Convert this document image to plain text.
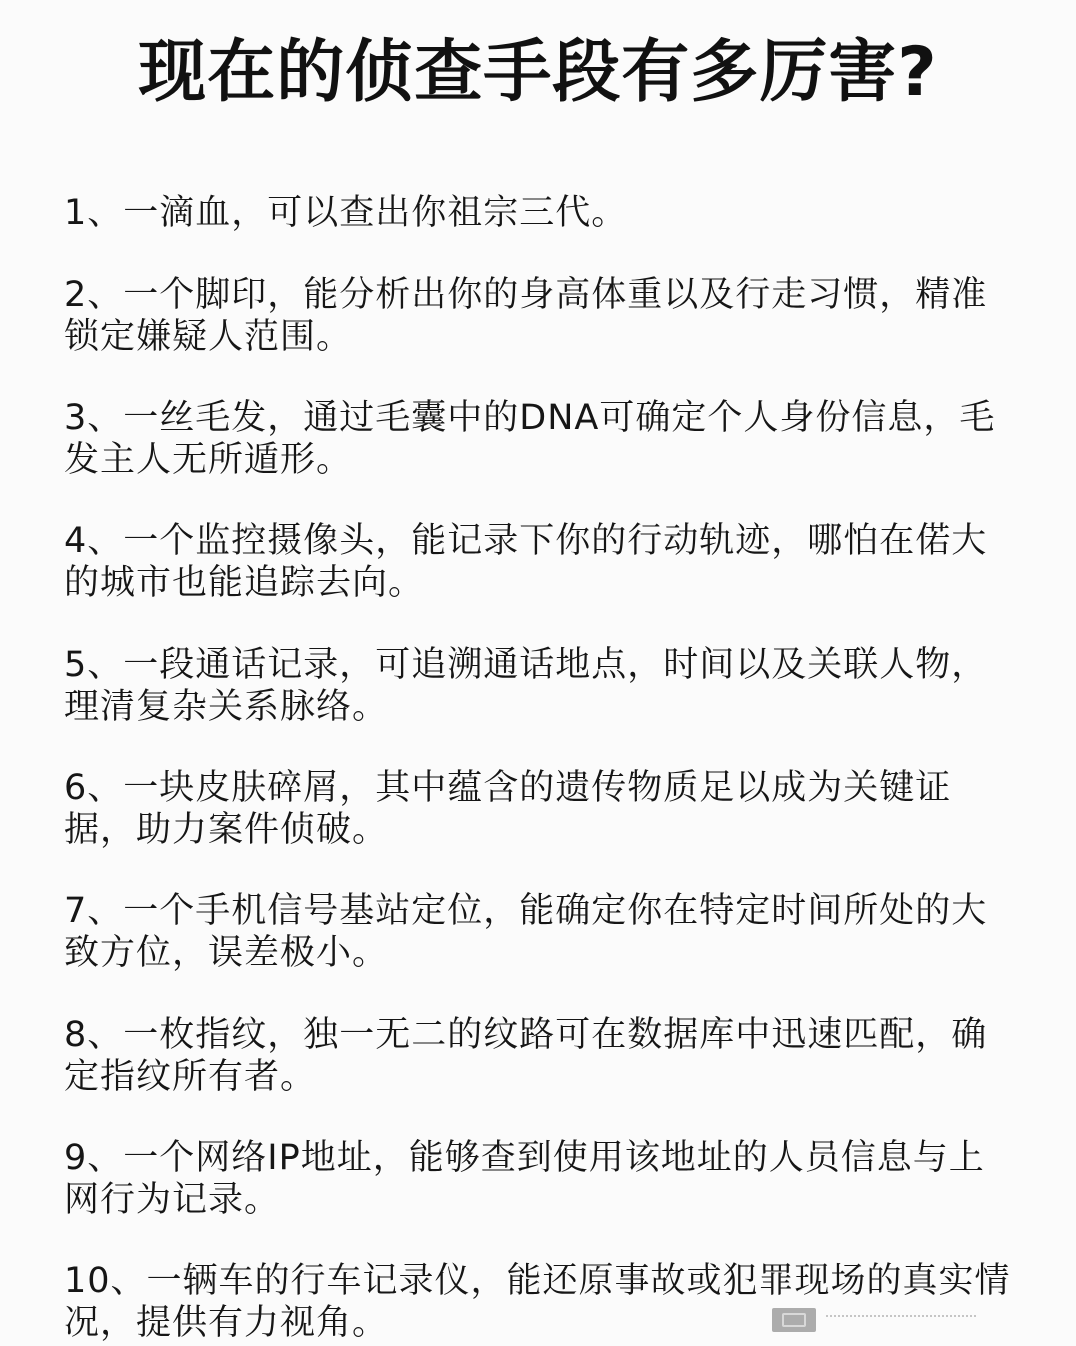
现在的侦查手段有多厉害?
1、一滴血，可以查出你祖宗三代。
2、一个脚印，能分析出你的身高体重以及行走习惯，精准锁定嫌疑人范围。
3、一丝毛发，通过毛囊中的DNA可确定个人身份信息，毛发主人无所遁形。
4、一个监控摄像头，能记录下你的行动轨迹，哪怕在偌大的城市也能追踪去向。
5、一段通话记录，可追溯通话地点，时间以及关联人物，理清复杂关系脉络。
6、一块皮肤碎屑，其中蕴含的遗传物质足以成为关键证据，助力案件侦破。
7、一个手机信号基站定位，能确定你在特定时间所处的大致方位，误差极小。
8、一枚指纹，独一无二的纹路可在数据库中迅速匹配，确定指纹所有者。
9、一个网络IP地址，能够查到使用该地址的人员信息与上网行为记录。
10、一辆车的行车记录仪，能还原事故或犯罪现场的真实情况，提供有力视角。
